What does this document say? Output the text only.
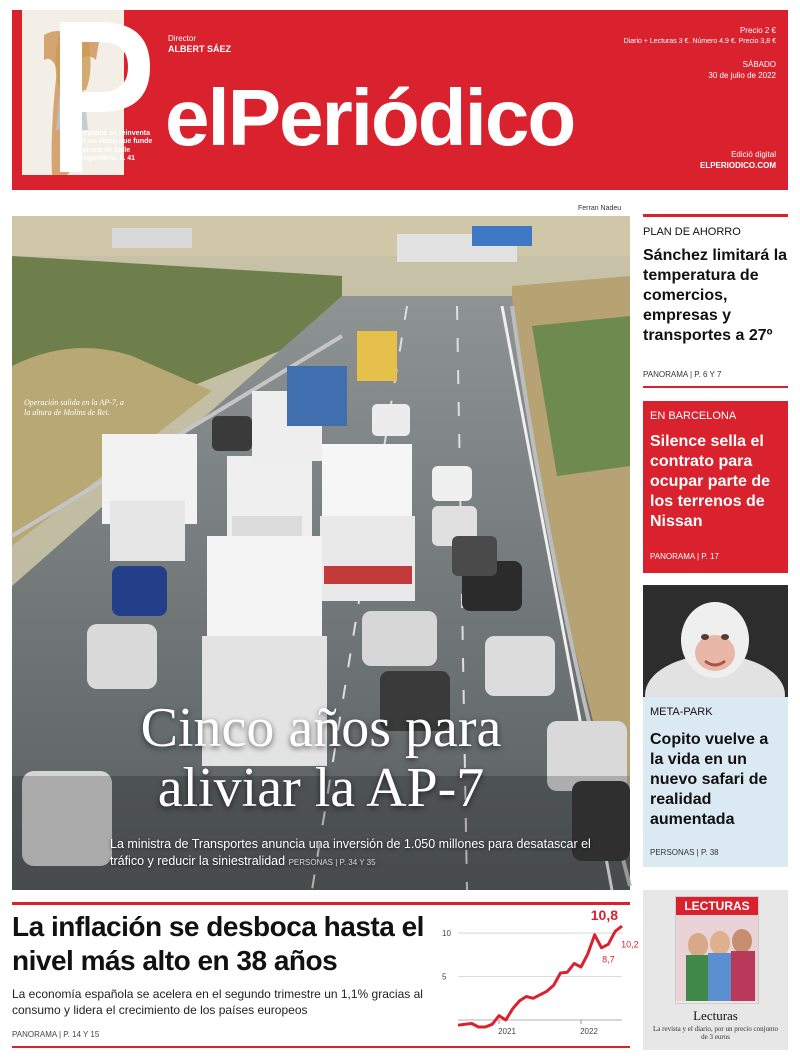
Beyoncé se reinventa en un disco que funde música de baile cinguntería. P. 41
Director
ALBERT SÁEZ
elPeriódico
Precio 2 €
Diario + Lecturas 3 €. Número 4.9 €. Precio 3,8 €
SÁBADO
30 de julio de 2022
Edició digital
ELPERIODICO.COM
Ferran Nadeu
Operación salida en la AP-7, a la altura de Molins de Rei.
Cinco años para
aliviar la AP-7
La ministra de Transportes anuncia una inversión de 1.050 millones para desatascar el tráfico y reducir la siniestralidad PERSONAS | P. 34 Y 35
PLAN DE AHORRO
Sánchez limitará la temperatura de comercios, empresas y transportes a 27º
PANORAMA | P. 6 Y 7
EN BARCELONA
Silence sella el contrato para ocupar parte de los terrenos de Nissan
PANORAMA | P. 17
META-PARK
Copito vuelve a la vida en un nuevo safari de realidad aumentada
PERSONAS | P. 38
La inflación se desboca hasta el nivel más alto en 38 años
La economía española se acelera en el segundo trimestre un 1,1% gracias al consumo y lidera el crecimiento de los países europeos
PANORAMA | P. 14 Y 15
5
10
2021	2022
10,8
10,2
8,7
LECTURAS
Lecturas
La revista y el diario, por un precio conjunto de 3 euros
